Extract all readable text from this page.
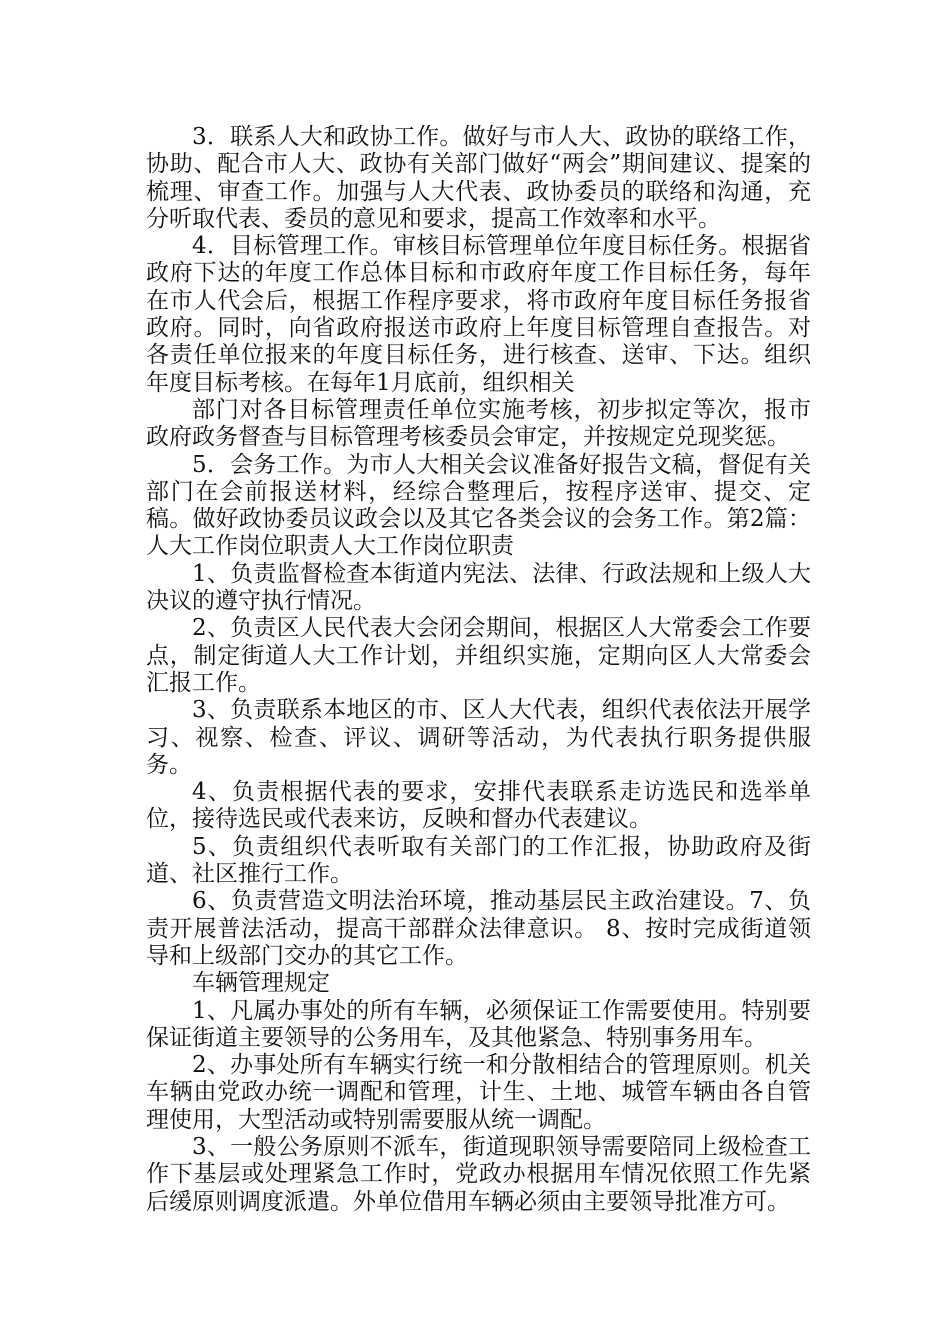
3．联系人大和政协工作。做好与市人大、政协的联络工作，协助、配合市人大、政协有关部门做好“两会”期间建议、提案的梳理、审查工作。加强与人大代表、政协委员的联络和沟通，充分听取代表、委员的意见和要求，提高工作效率和水平。

4．目标管理工作。审核目标管理单位年度目标任务。根据省政府下达的年度工作总体目标和市政府年度工作目标任务，每年在市人代会后，根据工作程序要求，将市政府年度目标任务报省政府。同时，向省政府报送市政府上年度目标管理自查报告。对各责任单位报来的年度目标任务，进行核查、送审、下达。组织年度目标考核。在每年1月底前，组织相关

部门对各目标管理责任单位实施考核，初步拟定等次，报市政府政务督查与目标管理考核委员会审定，并按规定兑现奖惩。

5．会务工作。为市人大相关会议准备好报告文稿，督促有关部门在会前报送材料，经综合整理后，按程序送审、提交、定稿。做好政协委员议政会以及其它各类会议的会务工作。第2篇：人大工作岗位职责人大工作岗位职责

1、负责监督检查本街道内宪法、法律、行政法规和上级人大决议的遵守执行情况。

2、负责区人民代表大会闭会期间，根据区人大常委会工作要点，制定街道人大工作计划，并组织实施，定期向区人大常委会汇报工作。

3、负责联系本地区的市、区人大代表，组织代表依法开展学习、视察、检查、评议、调研等活动，为代表执行职务提供服务。

4、负责根据代表的要求，安排代表联系走访选民和选举单位，接待选民或代表来访，反映和督办代表建议。

5、负责组织代表听取有关部门的工作汇报，协助政府及街道、社区推行工作。

6、负责营造文明法治环境，推动基层民主政治建设。7、负责开展普法活动，提高干部群众法律意识。 8、按时完成街道领导和上级部门交办的其它工作。

车辆管理规定

1、凡属办事处的所有车辆，必须保证工作需要使用。特别要保证街道主要领导的公务用车，及其他紧急、特别事务用车。

2、办事处所有车辆实行统一和分散相结合的管理原则。机关车辆由党政办统一调配和管理，计生、土地、城管车辆由各自管理使用，大型活动或特别需要服从统一调配。

3、一般公务原则不派车，街道现职领导需要陪同上级检查工作下基层或处理紧急工作时，党政办根据用车情况依照工作先紧后缓原则调度派遣。外单位借用车辆必须由主要领导批准方可。
